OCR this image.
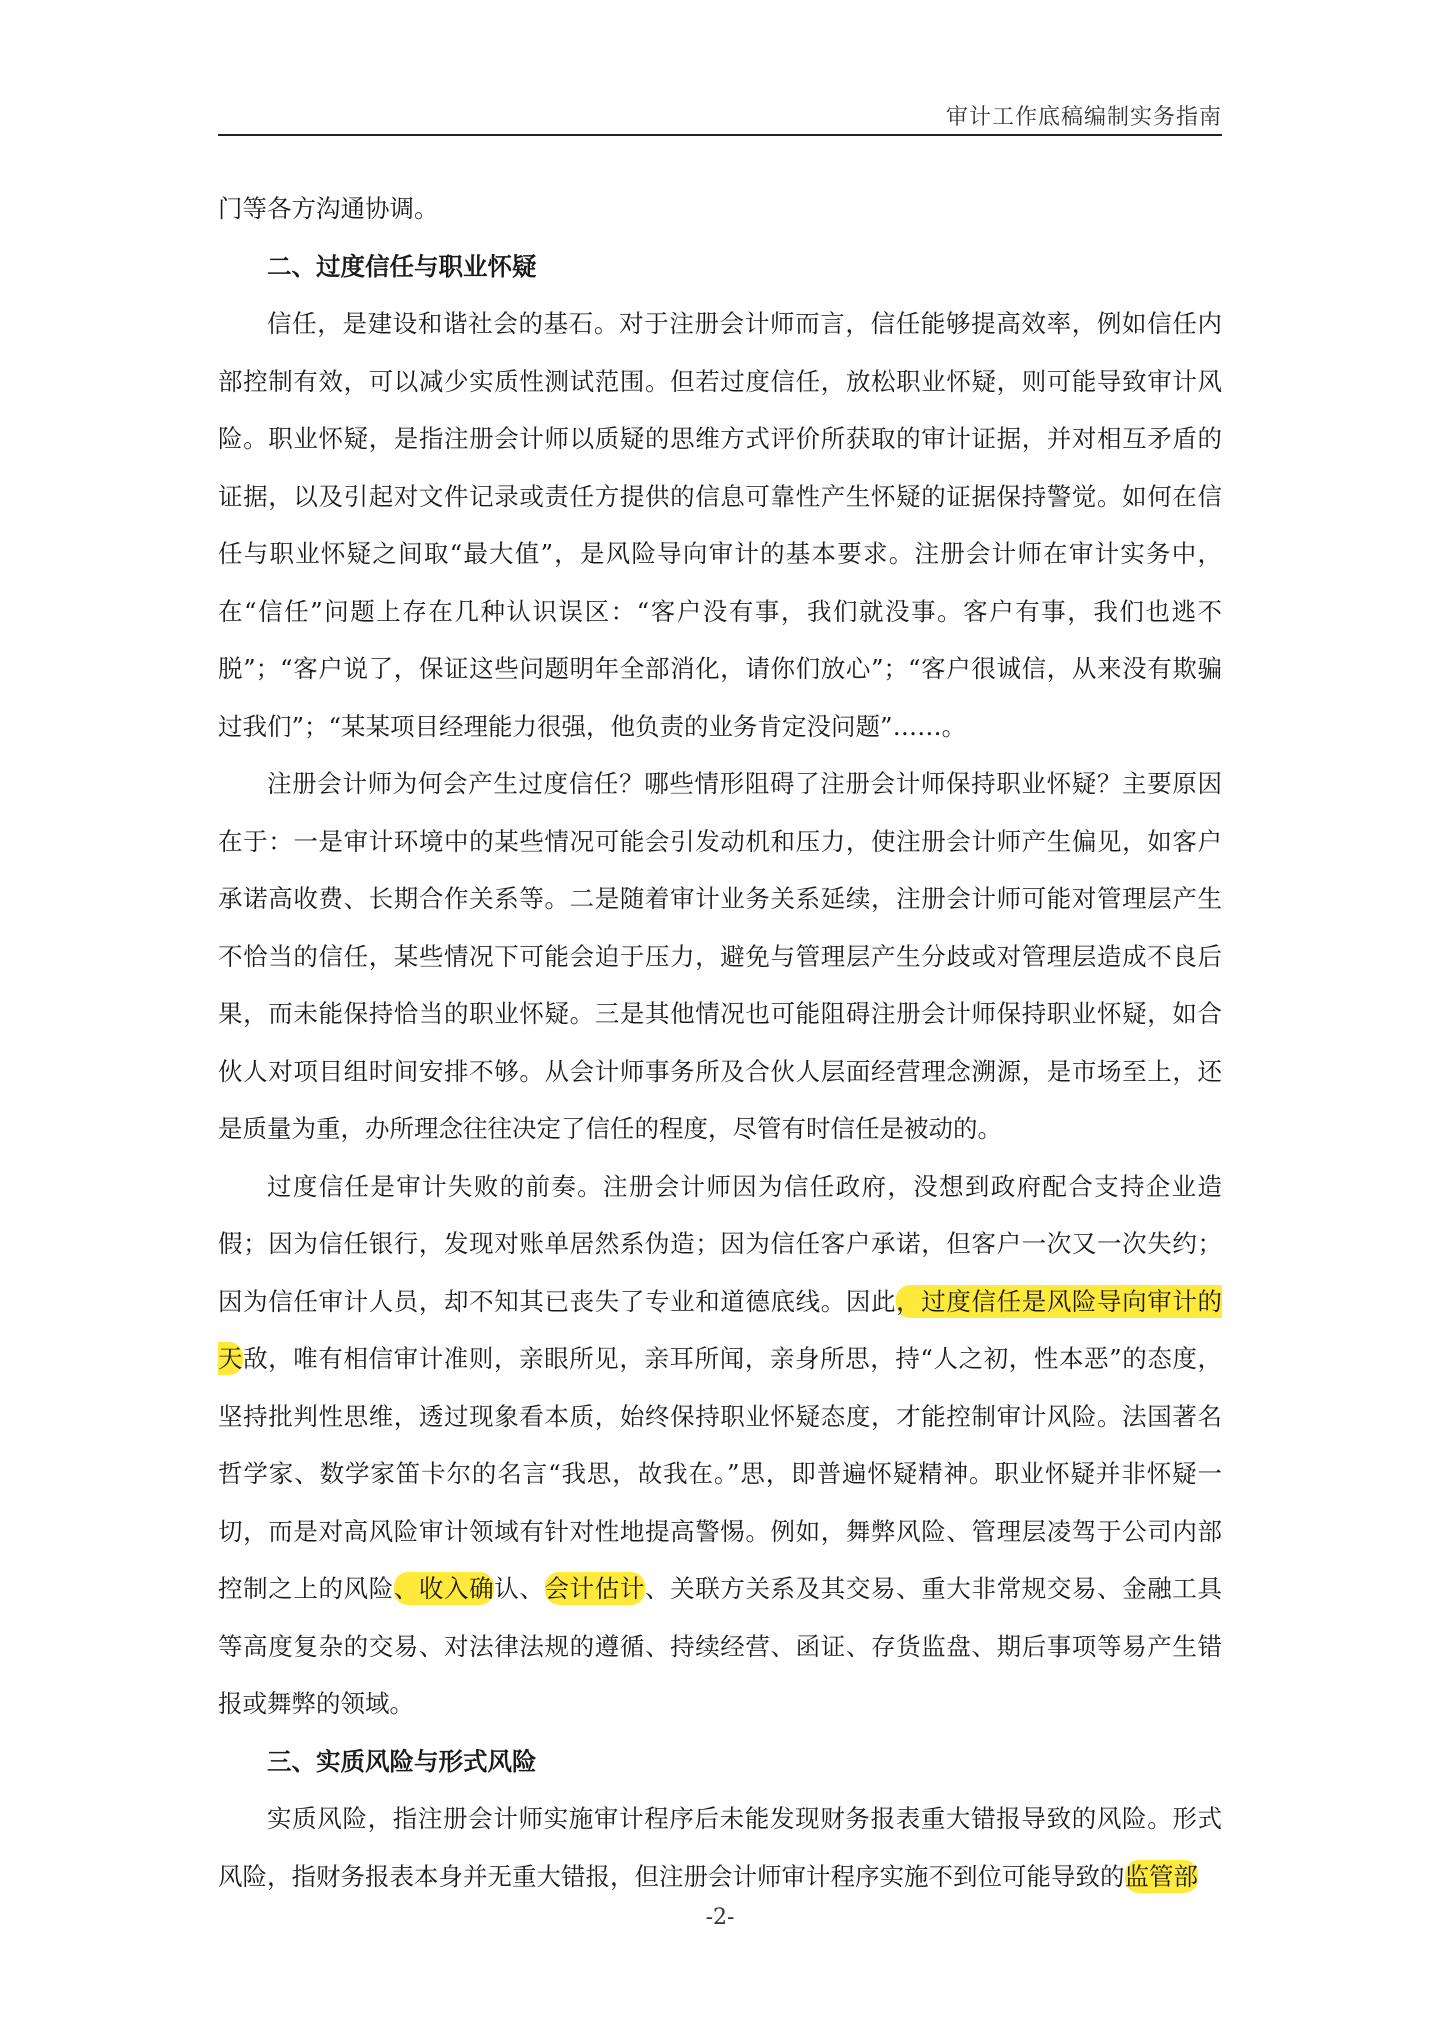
审计工作底稿编制实务指南

门等各方沟通协调。

二、过度信任与职业怀疑

信任，是建设和谐社会的基石。对于注册会计师而言，信任能够提高效率，例如信任内部控制有效，可以减少实质性测试范围。但若过度信任，放松职业怀疑，则可能导致审计风险。职业怀疑，是指注册会计师以质疑的思维方式评价所获取的审计证据，并对相互矛盾的证据，以及引起对文件记录或责任方提供的信息可靠性产生怀疑的证据保持警觉。如何在信任与职业怀疑之间取“最大值”，是风险导向审计的基本要求。注册会计师在审计实务中，在“信任”问题上存在几种认识误区：“客户没有事，我们就没事。客户有事，我们也逃不脱”；“客户说了，保证这些问题明年全部消化，请你们放心”；“客户很诚信，从来没有欺骗过我们”；“某某项目经理能力很强，他负责的业务肯定没问题”……。

注册会计师为何会产生过度信任？哪些情形阻碍了注册会计师保持职业怀疑？主要原因在于：一是审计环境中的某些情况可能会引发动机和压力，使注册会计师产生偏见，如客户承诺高收费、长期合作关系等。二是随着审计业务关系延续，注册会计师可能对管理层产生不恰当的信任，某些情况下可能会迫于压力，避免与管理层产生分歧或对管理层造成不良后果，而未能保持恰当的职业怀疑。三是其他情况也可能阻碍注册会计师保持职业怀疑，如合伙人对项目组时间安排不够。从会计师事务所及合伙人层面经营理念溯源，是市场至上，还是质量为重，办所理念往往决定了信任的程度，尽管有时信任是被动的。

过度信任是审计失败的前奏。注册会计师因为信任政府，没想到政府配合支持企业造假；因为信任银行，发现对账单居然系伪造；因为信任客户承诺，但客户一次又一次失约；因为信任审计人员，却不知其已丧失了专业和道德底线。因此，过度信任是风险导向审计的天敌，唯有相信审计准则，亲眼所见，亲耳所闻，亲身所思，持“人之初，性本恶”的态度，坚持批判性思维，透过现象看本质，始终保持职业怀疑态度，才能控制审计风险。法国著名哲学家、数学家笛卡尔的名言“我思，故我在。”思，即普遍怀疑精神。职业怀疑并非怀疑一切，而是对高风险审计领域有针对性地提高警惕。例如，舞弊风险、管理层凌驾于公司内部控制之上的风险、收入确认、会计估计、关联方关系及其交易、重大非常规交易、金融工具等高度复杂的交易、对法律法规的遵循、持续经营、函证、存货监盘、期后事项等易产生错报或舞弊的领域。

三、实质风险与形式风险

实质风险，指注册会计师实施审计程序后未能发现财务报表重大错报导致的风险。形式风险，指财务报表本身并无重大错报，但注册会计师审计程序实施不到位可能导致的监管部

-2-
